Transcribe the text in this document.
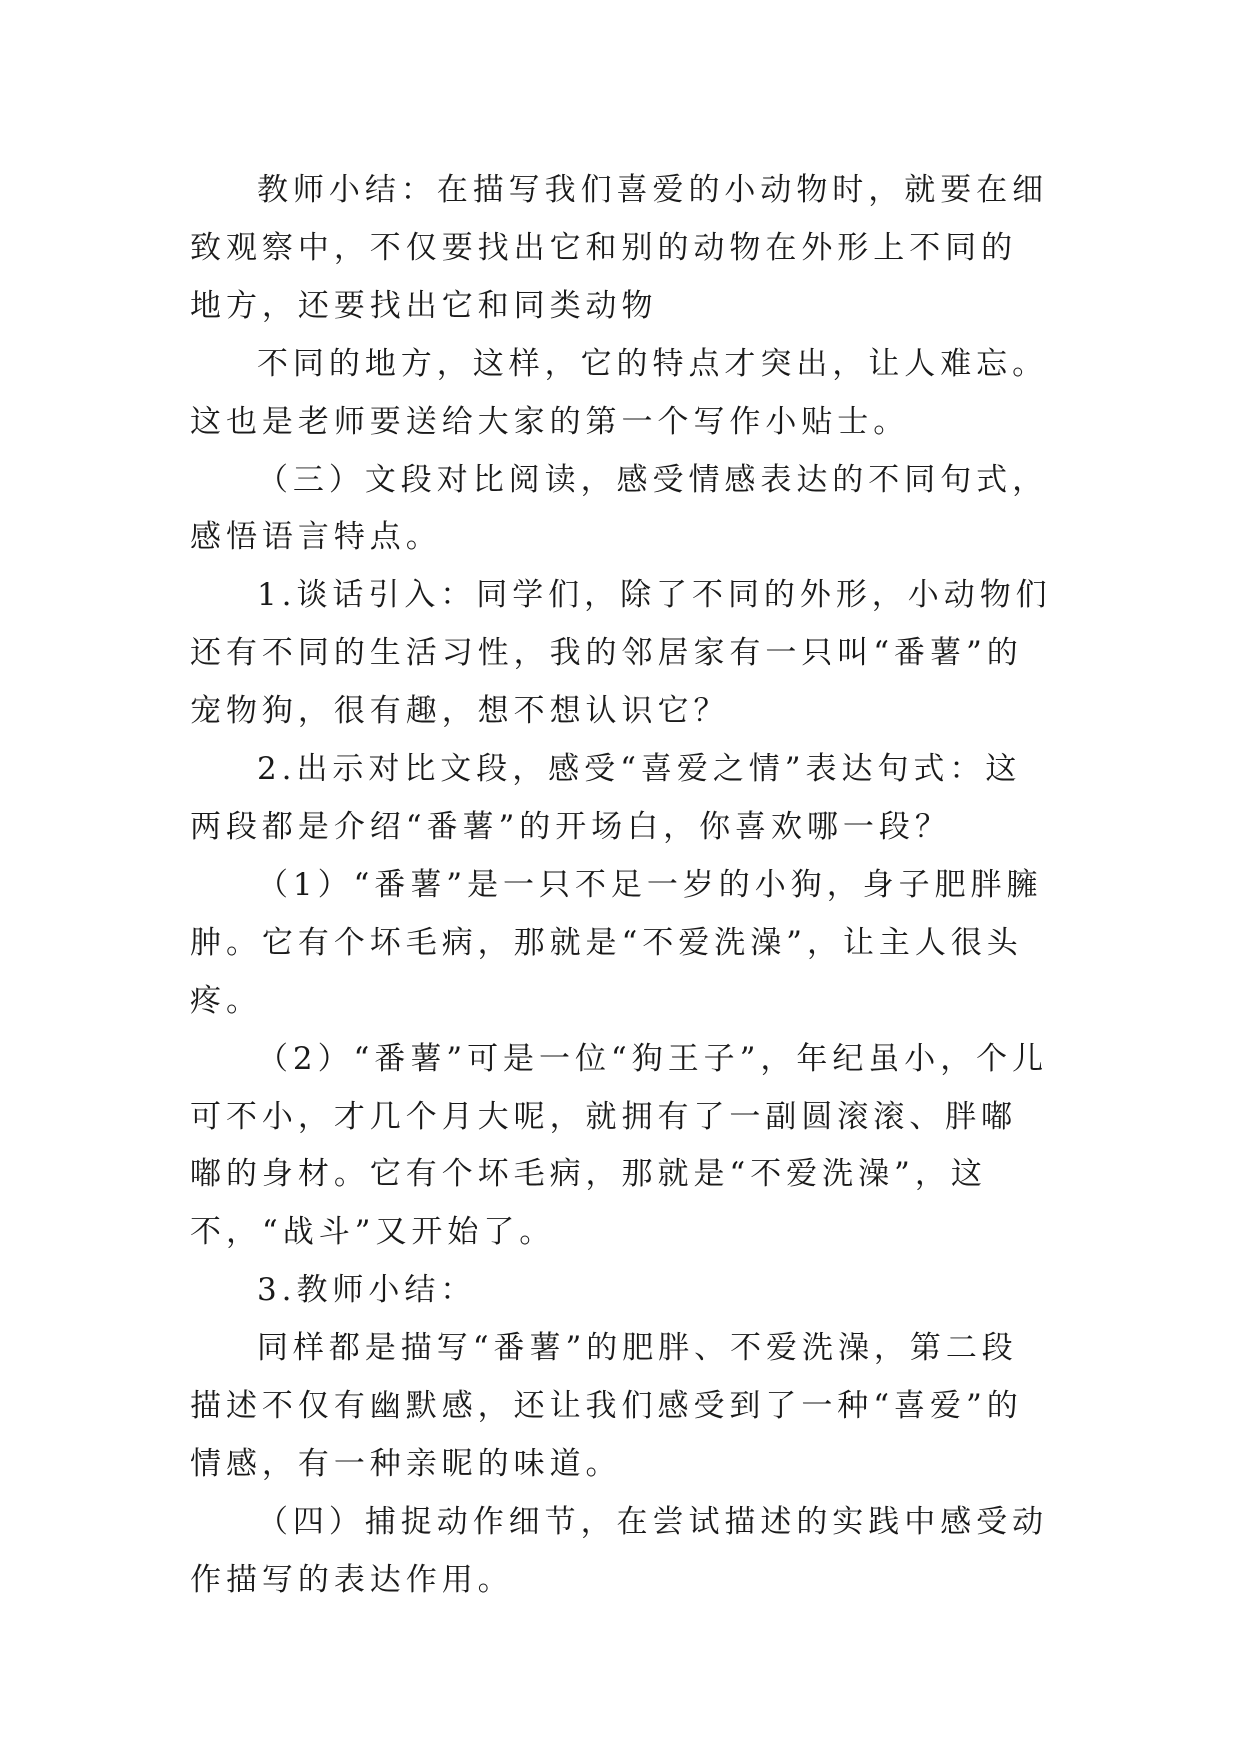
教师小结：在描写我们喜爱的小动物时，就要在细致观察中，不仅要找出它和别的动物在外形上不同的地方，还要找出它和同类动物

不同的地方，这样，它的特点才突出，让人难忘。这也是老师要送给大家的第一个写作小贴士。

（三）文段对比阅读，感受情感表达的不同句式，感悟语言特点。

1.谈话引入：同学们，除了不同的外形，小动物们还有不同的生活习性，我的邻居家有一只叫“番薯”的宠物狗，很有趣，想不想认识它？

2.出示对比文段，感受“喜爱之情”表达句式：这两段都是介绍“番薯”的开场白，你喜欢哪一段？

（1）“番薯”是一只不足一岁的小狗，身子肥胖臃肿。它有个坏毛病，那就是“不爱洗澡”，让主人很头疼。

（2）“番薯”可是一位“狗王子”，年纪虽小，个儿可不小，才几个月大呢，就拥有了一副圆滚滚、胖嘟嘟的身材。它有个坏毛病，那就是“不爱洗澡”，这不，“战斗”又开始了。

3.教师小结：

同样都是描写“番薯”的肥胖、不爱洗澡，第二段描述不仅有幽默感，还让我们感受到了一种“喜爱”的情感，有一种亲昵的味道。

（四）捕捉动作细节，在尝试描述的实践中感受动作描写的表达作用。
